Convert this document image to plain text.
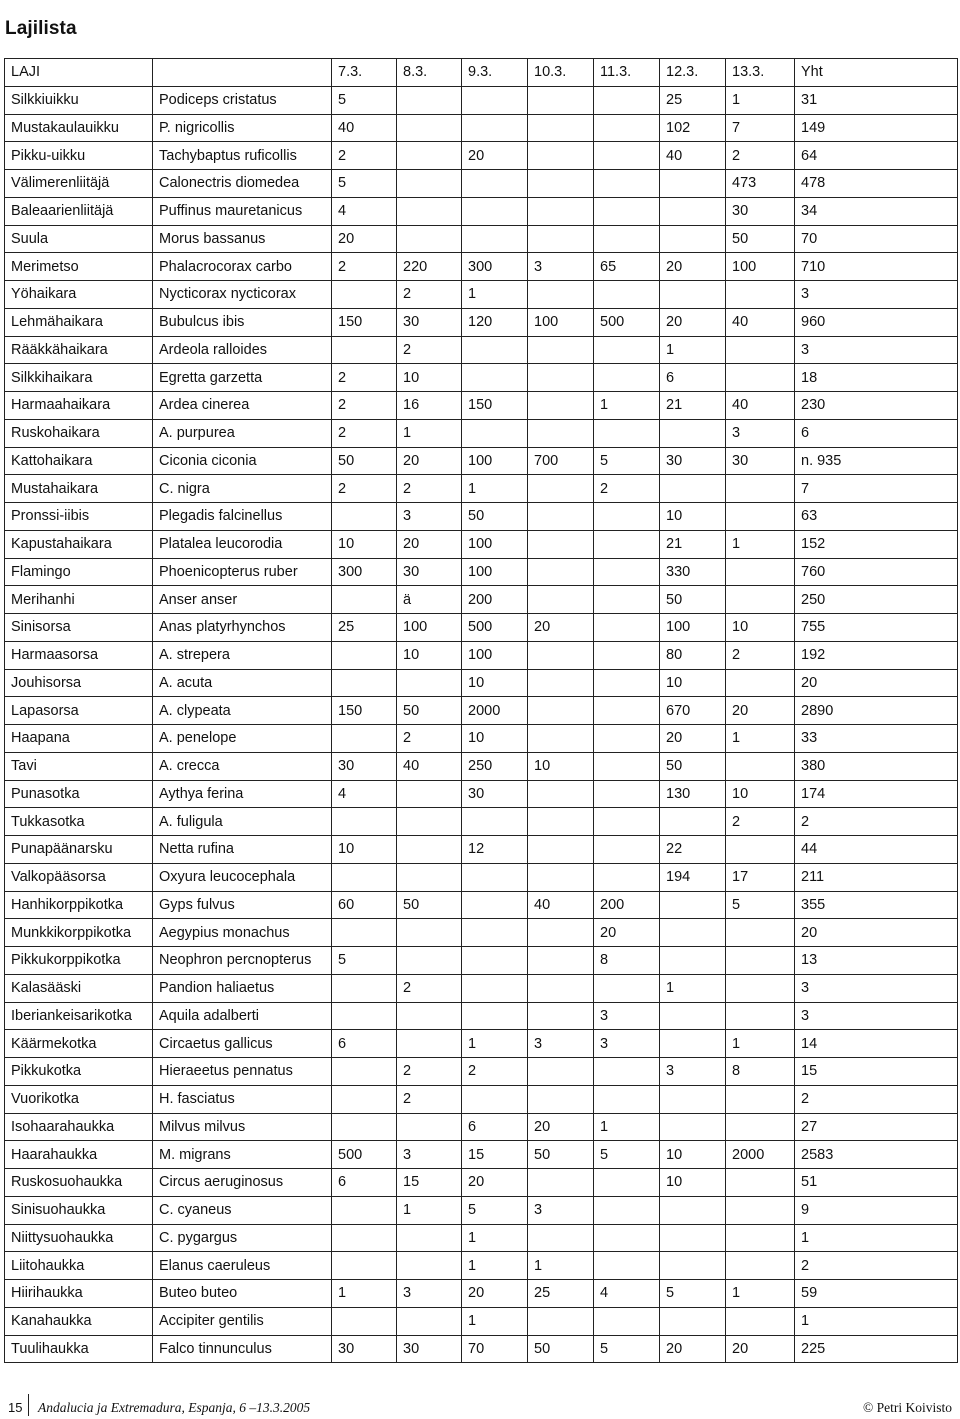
Lajilista
LAJI		7.3.	8.3.	9.3.	10.3.	11.3.	12.3.	13.3.	Yht
Silkkiuikku	Podiceps cristatus	5					25	1	31
Mustakaulauikku	P. nigricollis	40					102	7	149
Pikku-uikku	Tachybaptus ruficollis	2		20			40	2	64
Välimerenliitäjä	Calonectris diomedea	5						473	478
Baleaarienliitäjä	Puffinus mauretanicus	4						30	34
Suula	Morus bassanus	20						50	70
Merimetso	Phalacrocorax carbo	2	220	300	3	65	20	100	710
Yöhaikara	Nycticorax nycticorax		2	1					3
Lehmähaikara	Bubulcus ibis	150	30	120	100	500	20	40	960
Rääkkähaikara	Ardeola ralloides		2				1		3
Silkkihaikara	Egretta garzetta	2	10				6		18
Harmaahaikara	Ardea cinerea	2	16	150		1	21	40	230
Ruskohaikara	A. purpurea	2	1					3	6
Kattohaikara	Ciconia ciconia	50	20	100	700	5	30	30	n. 935
Mustahaikara	C. nigra	2	2	1		2			7
Pronssi-iibis	Plegadis falcinellus		3	50			10		63
Kapustahaikara	Platalea leucorodia	10	20	100			21	1	152
Flamingo	Phoenicopterus ruber	300	30	100			330		760
Merihanhi	Anser anser		ä	200			50		250
Sinisorsa	Anas platyrhynchos	25	100	500	20		100	10	755
Harmaasorsa	A. strepera		10	100			80	2	192
Jouhisorsa	A. acuta			10			10		20
Lapasorsa	A. clypeata	150	50	2000			670	20	2890
Haapana	A. penelope		2	10			20	1	33
Tavi	A. crecca	30	40	250	10		50		380
Punasotka	Aythya ferina	4		30			130	10	174
Tukkasotka	A. fuligula							2	2
Punapäänarsku	Netta rufina	10		12			22		44
Valkopääsorsa	Oxyura leucocephala						194	17	211
Hanhikorppikotka	Gyps fulvus	60	50		40	200		5	355
Munkkikorppikotka	Aegypius monachus					20			20
Pikkukorppikotka	Neophron percnopterus	5				8			13
Kalasääski	Pandion haliaetus		2				1		3
Iberiankeisarikotka	Aquila adalberti					3			3
Käärmekotka	Circaetus gallicus	6		1	3	3		1	14
Pikkukotka	Hieraeetus pennatus		2	2			3	8	15
Vuorikotka	H. fasciatus		2						2
Isohaarahaukka	Milvus milvus			6	20	1			27
Haarahaukka	M. migrans	500	3	15	50	5	10	2000	2583
Ruskosuohaukka	Circus aeruginosus	6	15	20			10		51
Sinisuohaukka	C. cyaneus		1	5	3				9
Niittysuohaukka	C. pygargus			1					1
Liitohaukka	Elanus caeruleus			1	1				2
Hiirihaukka	Buteo buteo	1	3	20	25	4	5	1	59
Kanahaukka	Accipiter gentilis			1					1
Tuulihaukka	Falco tinnunculus	30	30	70	50	5	20	20	225
15 Andalucia ja Extremadura, Espanja, 6 –13.3.2005	© Petri Koivisto
